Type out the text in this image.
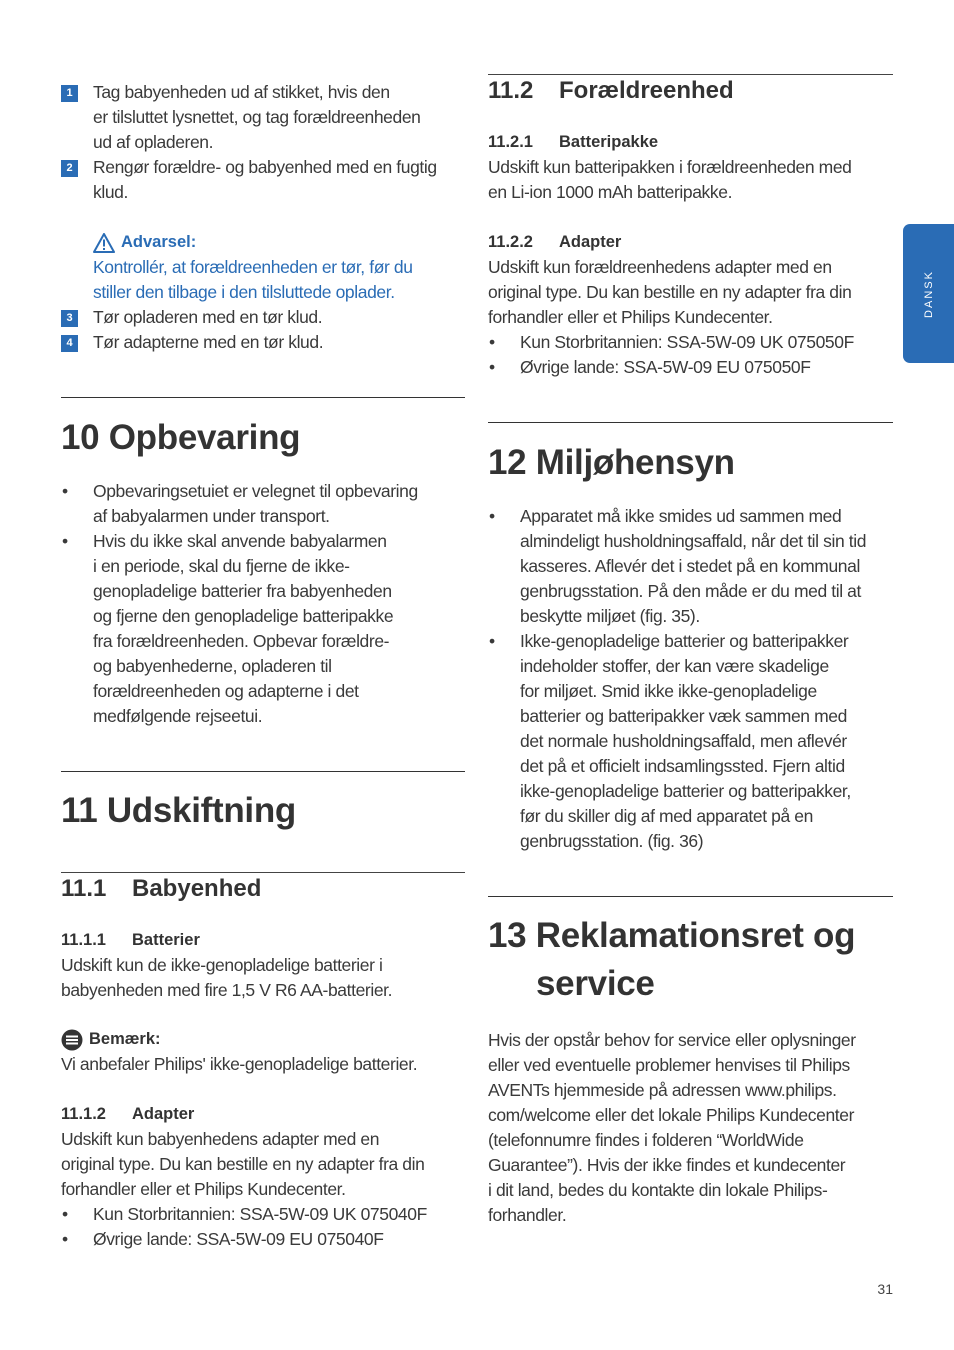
1	Tag babyenheden ud af stikket, hvis den
er tilsluttet lysnettet, og tag forældreenheden
ud af opladeren.
2	Rengør forældre- og babyenhed med en fugtig
klud.
Advarsel:
Kontrollér, at forældreenheden er tør, før du
stiller den tilbage i den tilsluttede oplader.
3	Tør opladeren med en tør klud.
4	Tør adapterne med en tør klud.
10 Opbevaring
• Opbevaringsetuiet er velegnet til opbevaring
af babyalarmen under transport.
• Hvis du ikke skal anvende babyalarmen
i en periode, skal du fjerne de ikke-
genopladelige batterier fra babyenheden
og fjerne den genopladelige batteripakke
fra forældreenheden. Opbevar forældre-
og babyenhederne, opladeren til
forældreenheden og adapterne i det
medfølgende rejseetui.
11 Udskiftning
11.1 Babyenhed
11.1.1 Batterier

Udskift kun de ikke-genopladelige batterier i

babyenheden med fire 1,5 V R6 AA-batterier.

Bemærk:

Vi anbefaler Philips' ikke-genopladelige batterier.

11.1.2 Adapter

Udskift kun babyenhedens adapter med en

original type. Du kan bestille en ny adapter fra din

forhandler eller et Philips Kundecenter.

• Kun Storbritannien: SSA-5W-09 UK 075040F
• Øvrige lande: SSA-5W-09 EU 075040F
11.2 Forældreenhed
11.2.1 Batteripakke

Udskift kun batteripakken i forældreenheden med

en Li-ion 1000 mAh batteripakke.

11.2.2 Adapter

Udskift kun forældreenhedens adapter med en

original type. Du kan bestille en ny adapter fra din

forhandler eller et Philips Kundecenter.

• Kun Storbritannien: SSA-5W-09 UK 075050F
• Øvrige lande: SSA-5W-09 EU 075050F
12 Miljøhensyn
• Apparatet må ikke smides ud sammen med
almindeligt husholdningsaffald, når det til sin tid
kasseres. Aflevér det i stedet på en kommunal
genbrugsstation. På den måde er du med til at
beskytte miljøet (fig. 35).
• Ikke-genopladelige batterier og batteripakker
indeholder stoffer, der kan være skadelige
for miljøet. Smid ikke ikke-genopladelige
batterier og batteripakker væk sammen med
det normale husholdningsaffald, men aflevér
det på et officielt indsamlingssted. Fjern altid
ikke-genopladelige batterier og batteripakker,
før du skiller dig af med apparatet på en
genbrugsstation. (fig. 36)
13 Reklamationsret og
service

Hvis der opstår behov for service eller oplysninger

eller ved eventuelle problemer henvises til Philips

AVENTs hjemmeside på adressen www.philips.

com/welcome eller det lokale Philips Kundecenter

(telefonnumre findes i folderen “WorldWide

Guarantee”). Hvis der ikke findes et kundecenter

i dit land, bedes du kontakte din lokale Philips-

forhandler.

DANSK
31
